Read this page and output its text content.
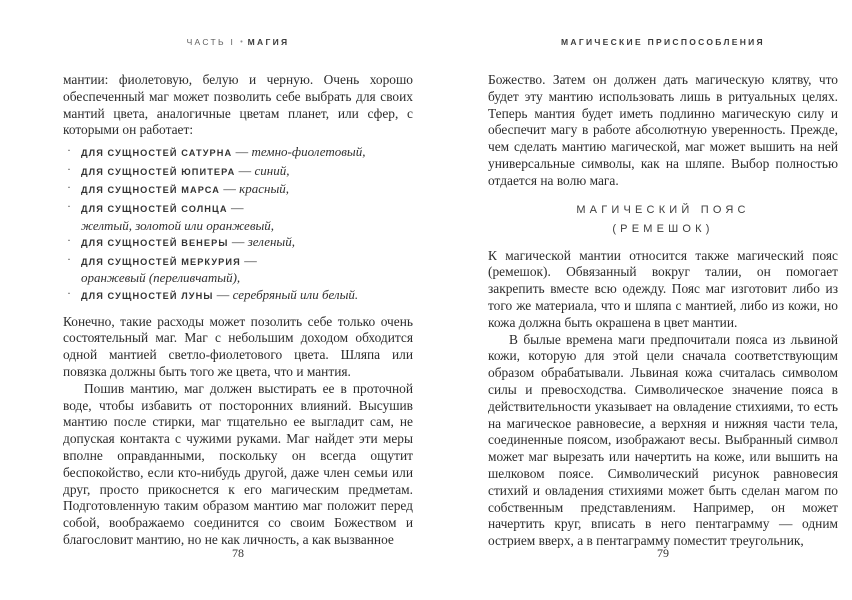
ЧАСТЬ I • МАГИЯ

мантии: фиолетовую, белую и черную. Очень хорошо обеспеченный маг может позволить себе выбрать для своих мантий цвета, аналогичные цветам планет, или сфер, с которыми он работает:

· ДЛЯ СУЩНОСТЕЙ САТУРНА — темно-фиолетовый,
· ДЛЯ СУЩНОСТЕЙ ЮПИТЕРА — синий,
· ДЛЯ СУЩНОСТЕЙ МАРСА — красный,
· ДЛЯ СУЩНОСТЕЙ СОЛНЦА —
желтый, золотой или оранжевый,
· ДЛЯ СУЩНОСТЕЙ ВЕНЕРЫ — зеленый,
· ДЛЯ СУЩНОСТЕЙ МЕРКУРИЯ —
оранжевый (переливчатый),
· ДЛЯ СУЩНОСТЕЙ ЛУНЫ — серебряный или белый.

Конечно, такие расходы может позолить себе только очень состоятельный маг. Маг с небольшим доходом обходится одной мантией светло-фиолетового цвета. Шляпа или повязка должны быть того же цвета, что и мантия.

Пошив мантию, маг должен выстирать ее в проточной воде, чтобы избавить от посторонних влияний. Высушив мантию после стирки, маг тщательно ее выгладит сам, не допуская контакта с чужими руками. Маг найдет эти меры вполне оправданными, поскольку он всегда ощутит беспокойство, если кто-нибудь другой, даже член семьи или друг, просто прикоснется к его магическим предметам. Подготовленную таким образом мантию маг положит перед собой, воображаемо соединится со своим Божеством и благословит мантию, но не как личность, а как вызванное

78
МАГИЧЕСКИЕ ПРИСПОСОБЛЕНИЯ

Божество. Затем он должен дать магическую клятву, что будет эту мантию использовать лишь в ритуальных целях. Теперь мантия будет иметь подлинно магическую силу и обеспечит магу в работе абсолютную уверенность. Прежде, чем сделать мантию магической, маг может вышить на ней универсальные символы, как на шляпе. Выбор полностью отдается на волю мага.

МАГИЧЕСКИЙ ПОЯС
(РЕМЕШОК)

К магической мантии относится также магический пояс (ремешок). Обвязанный вокруг талии, он помогает закрепить вместе всю одежду. Пояс маг изготовит либо из того же материала, что и шляпа с мантией, либо из кожи, но кожа должна быть окрашена в цвет мантии.

В былые времена маги предпочитали пояса из львиной кожи, которую для этой цели сначала соответствующим образом обрабатывали. Львиная кожа считалась символом силы и превосходства. Символическое значение пояса в действительности указывает на овладение стихиями, то есть на магическое равновесие, а верхняя и нижняя части тела, соединенные поясом, изображают весы. Выбранный символ может маг вырезать или начертить на коже, или вышить на шелковом поясе. Символический рисунок равновесия стихий и овладения стихиями может быть сделан магом по собственным представлениям. Например, он может начертить круг, вписать в него пентаграмму — одним острием вверх, а в пентаграмму поместит треугольник,

79
